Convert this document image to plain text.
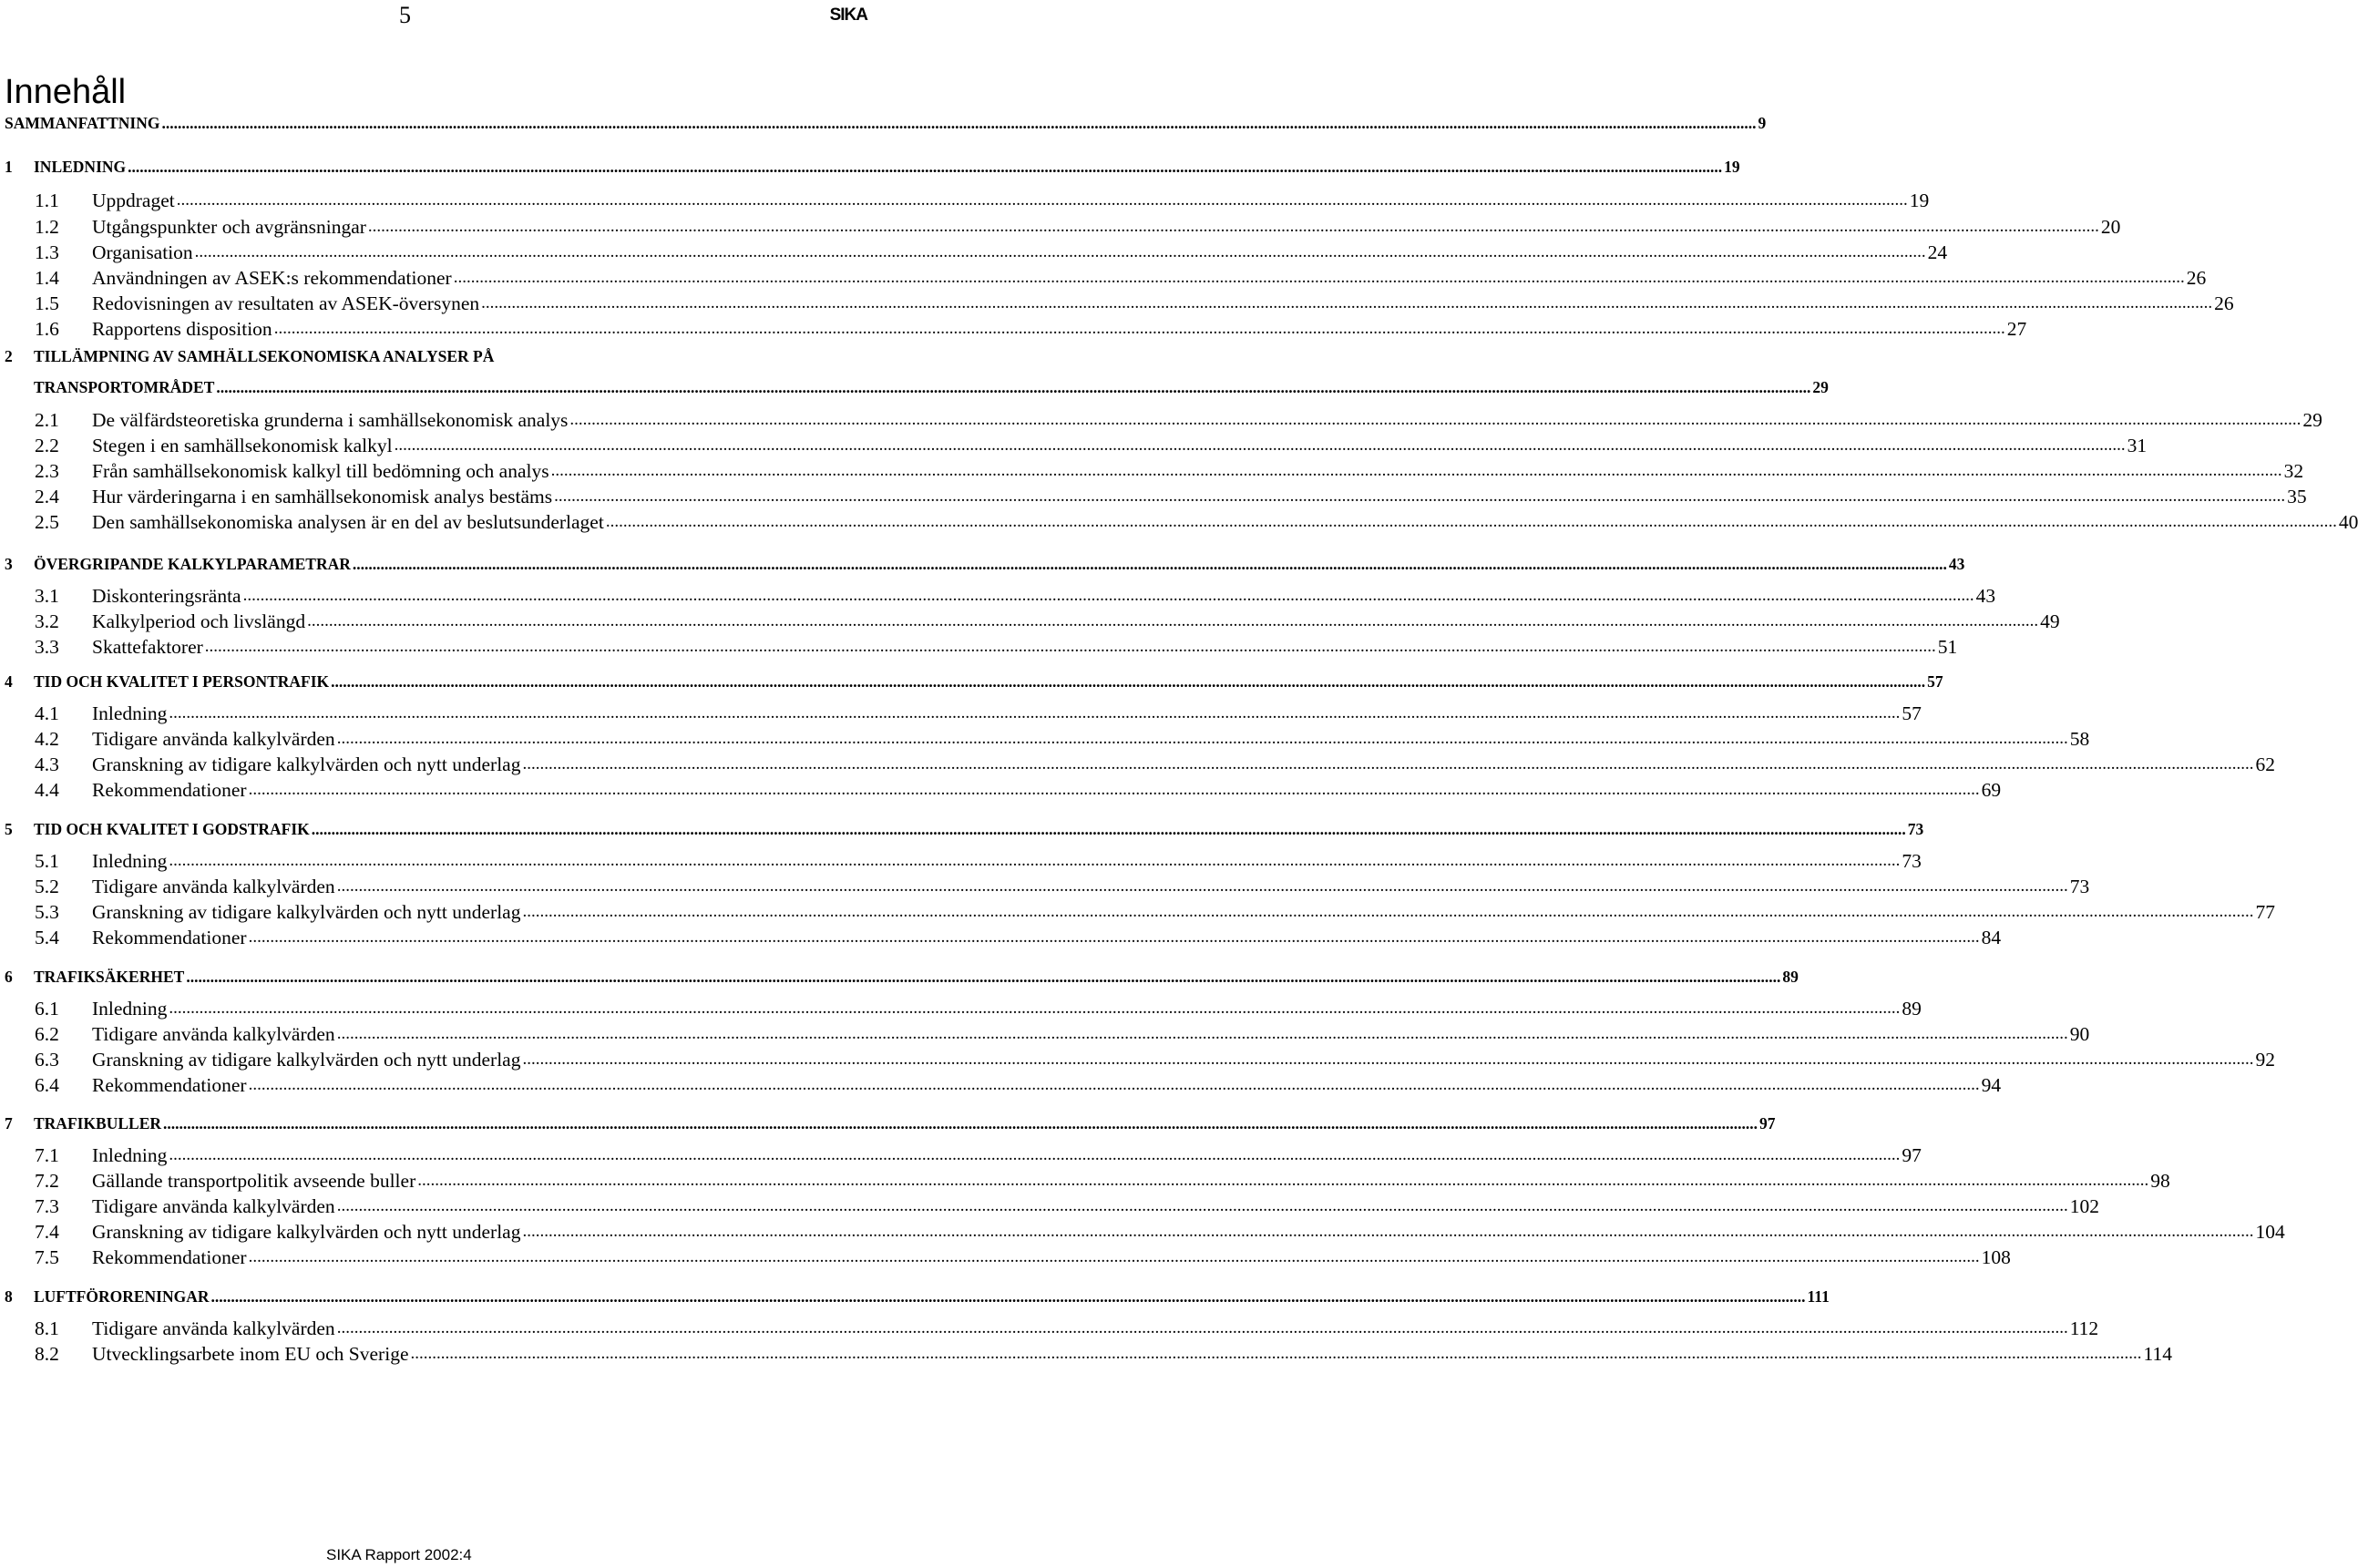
5	SIKA
Innehåll
SAMMANFATTNING ................................................................................................................................................................................................................................................................................................................................................................................................................ 9
1	INLEDNING ................................................................................................................................................................................................................................................................................................................................................................................................................ 19
1.1	Uppdraget ................................................................................................................................................................................................................................................................................................................................................................................................................ 19
1.2	Utgångspunkter och avgränsningar ................................................................................................................................................................................................................................................................................................................................................................................................................ 20
1.3	Organisation ................................................................................................................................................................................................................................................................................................................................................................................................................ 24
1.4	Användningen av ASEK:s rekommendationer ................................................................................................................................................................................................................................................................................................................................................................................................................ 26
1.5	Redovisningen av resultaten av ASEK-översynen ................................................................................................................................................................................................................................................................................................................................................................................................................ 26
1.6	Rapportens disposition ................................................................................................................................................................................................................................................................................................................................................................................................................ 27
2 TILLÄMPNING AV SAMHÄLLSEKONOMISKA ANALYSER PÅ
TRANSPORTOMRÅDET ................................................................................................................................................................................................................................................................................................................................................................................................................ 29
2.1	De välfärdsteoretiska grunderna i samhällsekonomisk analys ................................................................................................................................................................................................................................................................................................................................................................................................................ 29
2.2	Stegen i en samhällsekonomisk kalkyl ................................................................................................................................................................................................................................................................................................................................................................................................................ 31
2.3	Från samhällsekonomisk kalkyl till bedömning och analys ................................................................................................................................................................................................................................................................................................................................................................................................................ 32
2.4	Hur värderingarna i en samhällsekonomisk analys bestäms ................................................................................................................................................................................................................................................................................................................................................................................................................ 35
2.5	Den samhällsekonomiska analysen är en del av beslutsunderlaget ................................................................................................................................................................................................................................................................................................................................................................................................................ 40
3	ÖVERGRIPANDE KALKYLPARAMETRAR ................................................................................................................................................................................................................................................................................................................................................................................................................ 43
3.1	Diskonteringsränta ................................................................................................................................................................................................................................................................................................................................................................................................................ 43
3.2	Kalkylperiod och livslängd ................................................................................................................................................................................................................................................................................................................................................................................................................ 49
3.3	Skattefaktorer ................................................................................................................................................................................................................................................................................................................................................................................................................ 51
4	TID OCH KVALITET I PERSONTRAFIK ................................................................................................................................................................................................................................................................................................................................................................................................................ 57
4.1	Inledning ................................................................................................................................................................................................................................................................................................................................................................................................................ 57
4.2	Tidigare använda kalkylvärden ................................................................................................................................................................................................................................................................................................................................................................................................................ 58
4.3	Granskning av tidigare kalkylvärden och nytt underlag ................................................................................................................................................................................................................................................................................................................................................................................................................ 62
4.4	Rekommendationer ................................................................................................................................................................................................................................................................................................................................................................................................................ 69
5	TID OCH KVALITET I GODSTRAFIK ................................................................................................................................................................................................................................................................................................................................................................................................................ 73
5.1	Inledning ................................................................................................................................................................................................................................................................................................................................................................................................................ 73
5.2	Tidigare använda kalkylvärden ................................................................................................................................................................................................................................................................................................................................................................................................................ 73
5.3	Granskning av tidigare kalkylvärden och nytt underlag ................................................................................................................................................................................................................................................................................................................................................................................................................ 77
5.4	Rekommendationer ................................................................................................................................................................................................................................................................................................................................................................................................................ 84
6	TRAFIKSÄKERHET ................................................................................................................................................................................................................................................................................................................................................................................................................ 89
6.1	Inledning ................................................................................................................................................................................................................................................................................................................................................................................................................ 89
6.2	Tidigare använda kalkylvärden ................................................................................................................................................................................................................................................................................................................................................................................................................ 90
6.3	Granskning av tidigare kalkylvärden och nytt underlag ................................................................................................................................................................................................................................................................................................................................................................................................................ 92
6.4	Rekommendationer ................................................................................................................................................................................................................................................................................................................................................................................................................ 94
7	TRAFIKBULLER ................................................................................................................................................................................................................................................................................................................................................................................................................ 97
7.1	Inledning ................................................................................................................................................................................................................................................................................................................................................................................................................ 97
7.2	Gällande transportpolitik avseende buller ................................................................................................................................................................................................................................................................................................................................................................................................................ 98
7.3	Tidigare använda kalkylvärden ................................................................................................................................................................................................................................................................................................................................................................................................................ 102
7.4	Granskning av tidigare kalkylvärden och nytt underlag ................................................................................................................................................................................................................................................................................................................................................................................................................ 104
7.5	Rekommendationer ................................................................................................................................................................................................................................................................................................................................................................................................................ 108
8	LUFTFÖRORENINGAR ................................................................................................................................................................................................................................................................................................................................................................................................................ 111
8.1	Tidigare använda kalkylvärden ................................................................................................................................................................................................................................................................................................................................................................................................................ 112
8.2	Utvecklingsarbete inom EU och Sverige ................................................................................................................................................................................................................................................................................................................................................................................................................ 114
SIKA Rapport 2002:4
